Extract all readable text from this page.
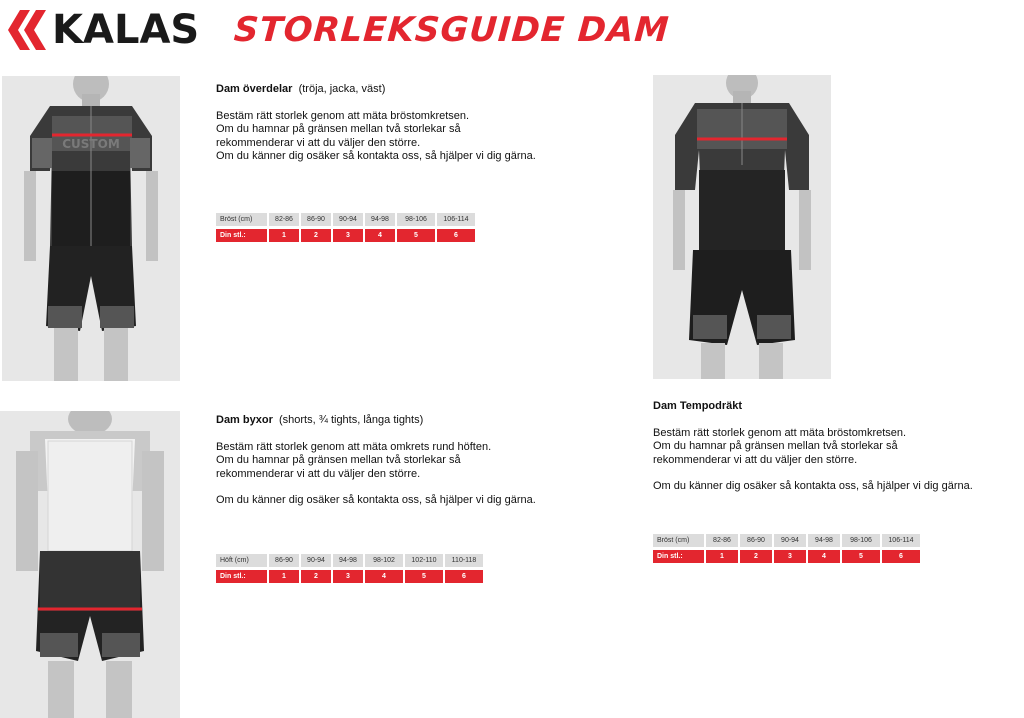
KALAS STORLEKSGUIDE DAM
CUSTOM
Dam överdelar (tröja, jacka, väst)

Bestäm rätt storlek genom att mäta bröstomkretsen.

Om du hamnar på gränsen mellan två storlekar så

rekommenderar vi att du väljer den större.

Om du känner dig osäker så kontakta oss, så hjälper vi dig gärna.

Bröst (cm)	82-86	86-90	90-94	94-98	98-106	106-114
Din stl.:	1	2	3	4	5	6
Dam byxor (shorts, ¾ tights, långa tights)

Bestäm rätt storlek genom att mäta omkrets rund höften.

Om du hamnar på gränsen mellan två storlekar så

rekommenderar vi att du väljer den större.

Om du känner dig osäker så kontakta oss, så hjälper vi dig gärna.

Höft (cm)	86-90	90-94	94-98	98-102	102-110	110-118
Din stl.:	1	2	3	4	5	6
Dam Tempodräkt

Bestäm rätt storlek genom att mäta bröstomkretsen.

Om du hamnar på gränsen mellan två storlekar så

rekommenderar vi att du väljer den större.

Om du känner dig osäker så kontakta oss, så hjälper vi dig gärna.

Bröst (cm)	82-86	86-90	90-94	94-98	98-106	106-114
Din stl.:	1	2	3	4	5	6
